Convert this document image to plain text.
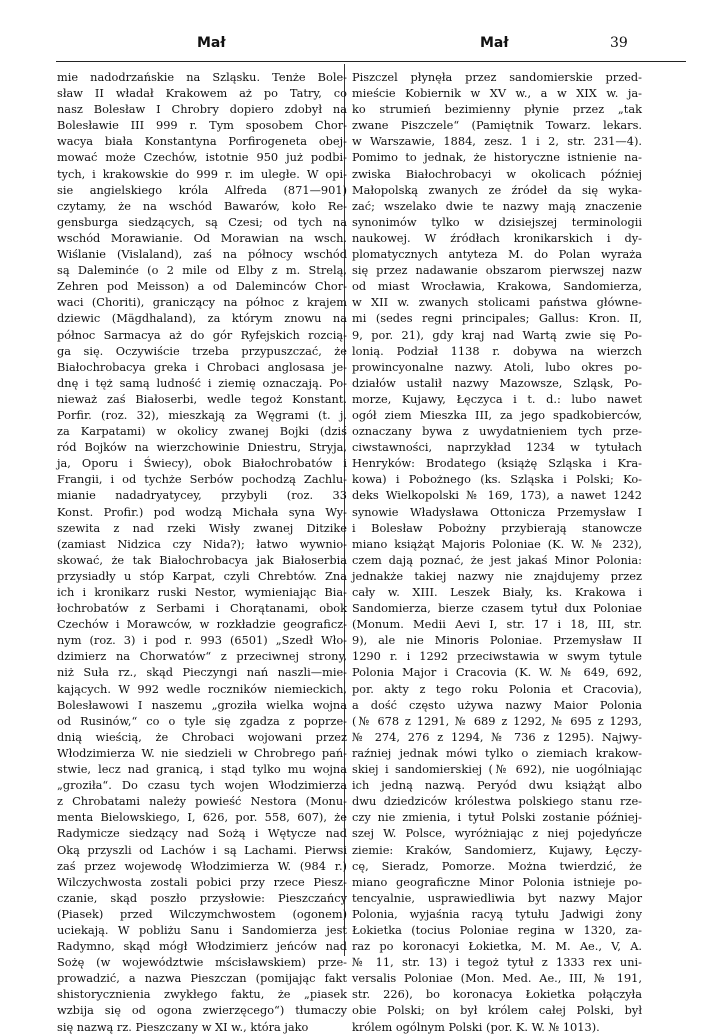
Mał	Mał	39
mie nadodrzańskie na Szląsku. Tenże Bole-
sław II władał Krakowem aż po Tatry, co
nasz Bolesław I Chrobry dopiero zdobył na
Bolesławie III 999 r. Tym sposobem Chor-
wacya biała Konstantyna Porfirogeneta obej-
mować może Czechów, istotnie 950 już podbi-
tych, i krakowskie do 999 r. im uległe. W opi-
sie angielskiego króla Alfreda (871—901)
czytamy, że na wschód Bawarów, koło Re-
gensburga siedzących, są Czesi; od tych na
wschód Morawianie. Od Morawian na wsch.
Wiślanie (Vislaland), zaś na północy wschód
są Daleminće (o 2 mile od Elby z m. Strelą,
Zehren pod Meisson) a od Daleminców Chor-
waci (Choriti), graniczący na północ z krajem
dziewic (Mägdhaland), za którym znowu na
północ Sarmacya aż do gór Ryfejskich rozcią-
ga się. Oczywiście trzeba przypuszczać, że
Białochrobacya greka i Chrobaci anglosasa je-
dnę i tęż samą ludność i ziemię oznaczają. Po-
nieważ zaś Białoserbi, wedle tegoż Konstant.
Porfir. (roz. 32), mieszkają za Węgrami (t. j.
za Karpatami) w okolicy zwanej Bojki (dziś
ród Bojków na wierzchowinie Dniestru, Stryja,
ja, Oporu i Świecy), obok Białochrobatów i
Frangii, i od tychże Serbów pochodzą Zachlu-
mianie nadadryatycey, przybyli (roz. 33
Konst. Profir.) pod wodzą Michała syna Wy-
szewita z nad rzeki Wisły zwanej Ditzike
(zamiast Nidzica czy Nida?); łatwo wywnio-
skować, że tak Białochrobacya jak Białoserbia
przysiadły u stóp Karpat, czyli Chrebtów. Zna
ich i kronikarz ruski Nestor, wymieniając Bia-
łochrobatów z Serbami i Chorątanami, obok
Czechów i Morawców, w rozkładzie geograficz-
nym (roz. 3) i pod r. 993 (6501) „Szedł Wło-
dzimierz na Chorwatów“ z przeciwnej strony,
niż Suła rz., skąd Pieczyngi nań naszli—mie-
kających. W 992 wedle roczników niemieckich,
Bolesławowi I naszemu „groziła wielka wojna
od Rusinów,“ co o tyle się zgadza z poprze-
dnią wieścią, że Chrobaci wojowani przez
Włodzimierza W. nie siedzieli w Chrobrego pań-
stwie, lecz nad granicą, i stąd tylko mu wojna
„groziła“. Do czasu tych wojen Włodzimierza
z Chrobatami należy powieść Nestora (Monu-
menta Bielowskiego, I, 626, por. 558, 607), że
Radymicze siedzący nad Sożą i Wętycze nad
Oką przyszli od Lachów i są Lachami. Pierwsi
zaś przez wojewodę Włodzimierza W. (984 r.)
Wilczychwosta zostali pobici przy rzece Piesz-
czanie, skąd poszło przysłowie: Pieszczańcy
(Piasek) przed Wilczymchwostem (ogonem)
uciekają. W pobliżu Sanu i Sandomierza jest
Radymno, skąd mógł Włodzimierz jeńców nad
Sożę (w województwie mścisławskiem) prze-
prowadzić, a nazwa Pieszczan (pomijając fakt
shistorycznienia zwykłego faktu, że „piasek
wzbija się od ogona zwierzęcego“) tłumaczy
się nazwą rz. Pieszczany w XI w., która jako
Piszczel płynęła przez sandomierskie przed-
mieście Kobiernik w XV w., a w XIX w. ja-
ko strumień bezimienny płynie przez „tak
zwane Piszczele“ (Pamiętnik Towarz. lekars.
w Warszawie, 1884, zesz. 1 i 2, str. 231—4).
Pomimo to jednak, że historyczne istnienie na-
zwiska Białochrobacyi w okolicach później
Małopolską zwanych ze źródeł da się wyka-
zać; wszelako dwie te nazwy mają znaczenie
synonimów tylko w dzisiejszej terminologii
naukowej. W źródłach kronikarskich i dy-
plomatycznych antyteza M. do Polan wyraża
się przez nadawanie obszarom pierwszej nazw
od miast Wrocławia, Krakowa, Sandomierza,
w XII w. zwanych stolicami państwa główne-
mi (sedes regni principales; Gallus: Kron. II,
9, por. 21), gdy kraj nad Wartą zwie się Po-
lonią. Podział 1138 r. dobywa na wierzch
prowincyonalne nazwy. Atoli, lubo okres po-
działów ustalił nazwy Mazowsze, Szląsk, Po-
morze, Kujawy, Łęczyca i t. d.: lubo nawet
ogół ziem Mieszka III, za jego spadkobierców,
oznaczany bywa z uwydatnieniem tych prze-
ciwstawności, naprzykład 1234 w tytułach
Henryków: Brodatego (książę Szląska i Kra-
kowa) i Pobożnego (ks. Szląska i Polski; Ko-
deks Wielkopolski № 169, 173), a nawet 1242
synowie Władysława Ottonicza Przemysław I
i Bolesław Pobożny przybierają stanowcze
miano książąt Majoris Poloniae (K. W. № 232),
czem dają poznać, że jest jakaś Minor Polonia:
jednakże takiej nazwy nie znajdujemy przez
cały w. XIII. Leszek Biały, ks. Krakowa i
Sandomierza, bierze czasem tytuł dux Poloniae
(Monum. Medii Aevi I, str. 17 i 18, III, str.
9), ale nie Minoris Poloniae. Przemysław II
1290 r. i 1292 przeciwstawia w swym tytule
Polonia Major i Cracovia (K. W. № 649, 692,
por. akty z tego roku Polonia et Cracovia),
a dość często używa nazwy Maior Polonia
(№ 678 z 1291, № 689 z 1292, № 695 z 1293,
№ 274, 276 z 1294, № 736 z 1295). Najwy-
raźniej jednak mówi tylko o ziemiach krakow-
skiej i sandomierskiej (№ 692), nie uogólniając
ich jedną nazwą. Peryód dwu książąt albo
dwu dziedziców królestwa polskiego stanu rze-
czy nie zmienia, i tytuł Polski zostanie później-
szej W. Polsce, wyróżniając z niej pojedyńcze
ziemie: Kraków, Sandomierz, Kujawy, Łęczy-
cę, Sieradz, Pomorze. Można twierdzić, że
miano geograficzne Minor Polonia istnieje po-
tencyalnie, usprawiedliwia byt nazwy Major
Polonia, wyjaśnia racyą tytułu Jadwigi żony
Łokietka (tocius Poloniae regina w 1320, za-
raz po koronacyi Łokietka, M. M. Ae., V, A.
№ 11, str. 13) i tegoż tytuł z 1333 rex uni-
versalis Poloniae (Mon. Med. Ae., III, № 191,
str. 226), bo koronacya Łokietka połączyła
obie Polski; on był królem całej Polski, był
królem ogólnym Polski (por. K. W. № 1013).
